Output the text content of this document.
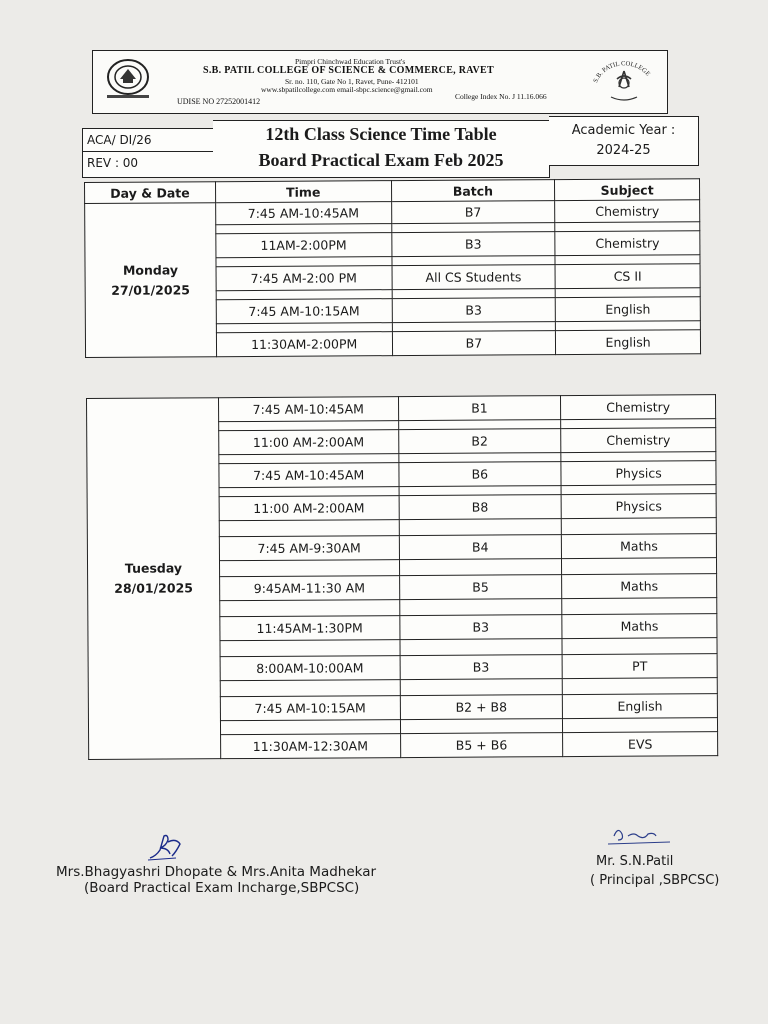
Pimpri Chinchwad Education Trust's
S.B. PATIL COLLEGE OF SCIENCE & COMMERCE, RAVET
Sr. no. 110, Gate No 1, Ravet, Pune- 412101
www.sbpatilcollege.com email-sbpc.science@gmail.com
College Index No. J 11.16.066
UDISE NO 27252001412
S.B. PATIL COLLEGE
ACA/ DI/26
REV : 00
12th Class Science Time Table
Board Practical Exam Feb 2025
Academic Year :
2024-25
Day & Date	Time	Batch	Subject

Monday
27/01/2025	7:45 AM-10:45AM	B7	Chemistry

	11AM-2:00PM	B3	Chemistry

	7:45 AM-2:00 PM	All CS Students	CS II

	7:45 AM-10:15AM	B3	English

	11:30AM-2:00PM	B7	English
Tuesday
28/01/2025	7:45 AM-10:45AM	B1	Chemistry

	11:00 AM-2:00AM	B2	Chemistry

	7:45 AM-10:45AM	B6	Physics

	11:00 AM-2:00AM	B8	Physics

	7:45 AM-9:30AM	B4	Maths

	9:45AM-11:30 AM	B5	Maths

	11:45AM-1:30PM	B3	Maths

	8:00AM-10:00AM	B3	PT

	7:45 AM-10:15AM	B2 + B8	English

	11:30AM-12:30AM	B5 + B6	EVS
Mrs.Bhagyashri Dhopate & Mrs.Anita Madhekar
(Board Practical Exam Incharge,SBPCSC)
Mr. S.N.Patil
( Principal ,SBPCSC)
